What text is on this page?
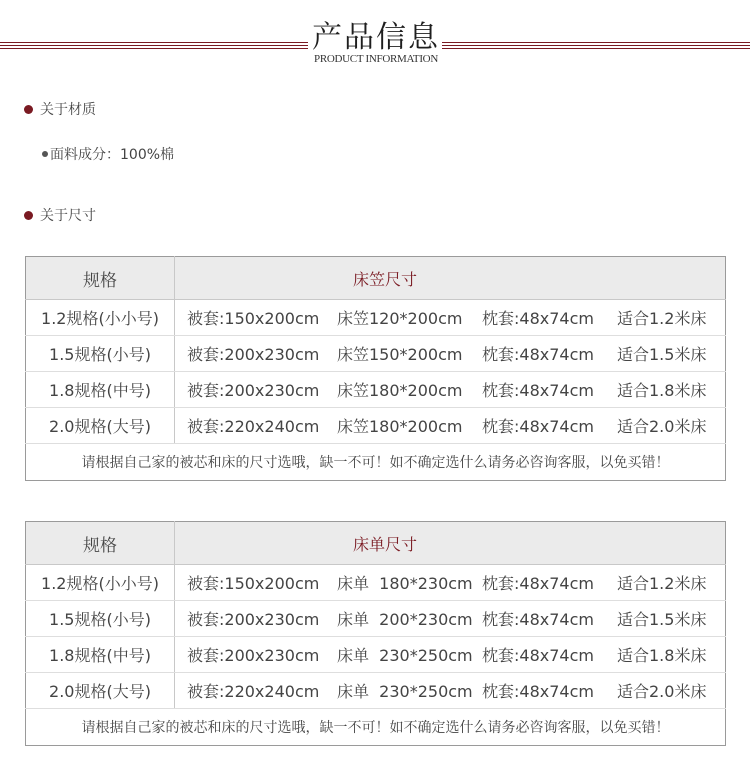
产品信息
PRODUCT INFORMATION
关于材质
面料成分：100%棉
关于尺寸
规格	床笠尺寸
1.2规格(小小号)	被套:150x200cm 床笠120*200cm 枕套:48x74cm 适合1.2米床
1.5规格(小号)	被套:200x230cm 床笠150*200cm 枕套:48x74cm 适合1.5米床
1.8规格(中号)	被套:200x230cm 床笠180*200cm 枕套:48x74cm 适合1.8米床
2.0规格(大号)	被套:220x240cm 床笠180*200cm 枕套:48x74cm 适合2.0米床
请根据自己家的被芯和床的尺寸选哦，缺一不可！如不确定选什么请务必咨询客服，以免买错！	
规格	床单尺寸
1.2规格(小小号)	被套:150x200cm 床单  180*230cm 枕套:48x74cm 适合1.2米床
1.5规格(小号)	被套:200x230cm 床单  200*230cm 枕套:48x74cm 适合1.5米床
1.8规格(中号)	被套:200x230cm 床单  230*250cm 枕套:48x74cm 适合1.8米床
2.0规格(大号)	被套:220x240cm 床单  230*250cm 枕套:48x74cm 适合2.0米床
请根据自己家的被芯和床的尺寸选哦，缺一不可！如不确定选什么请务必咨询客服，以免买错！	
